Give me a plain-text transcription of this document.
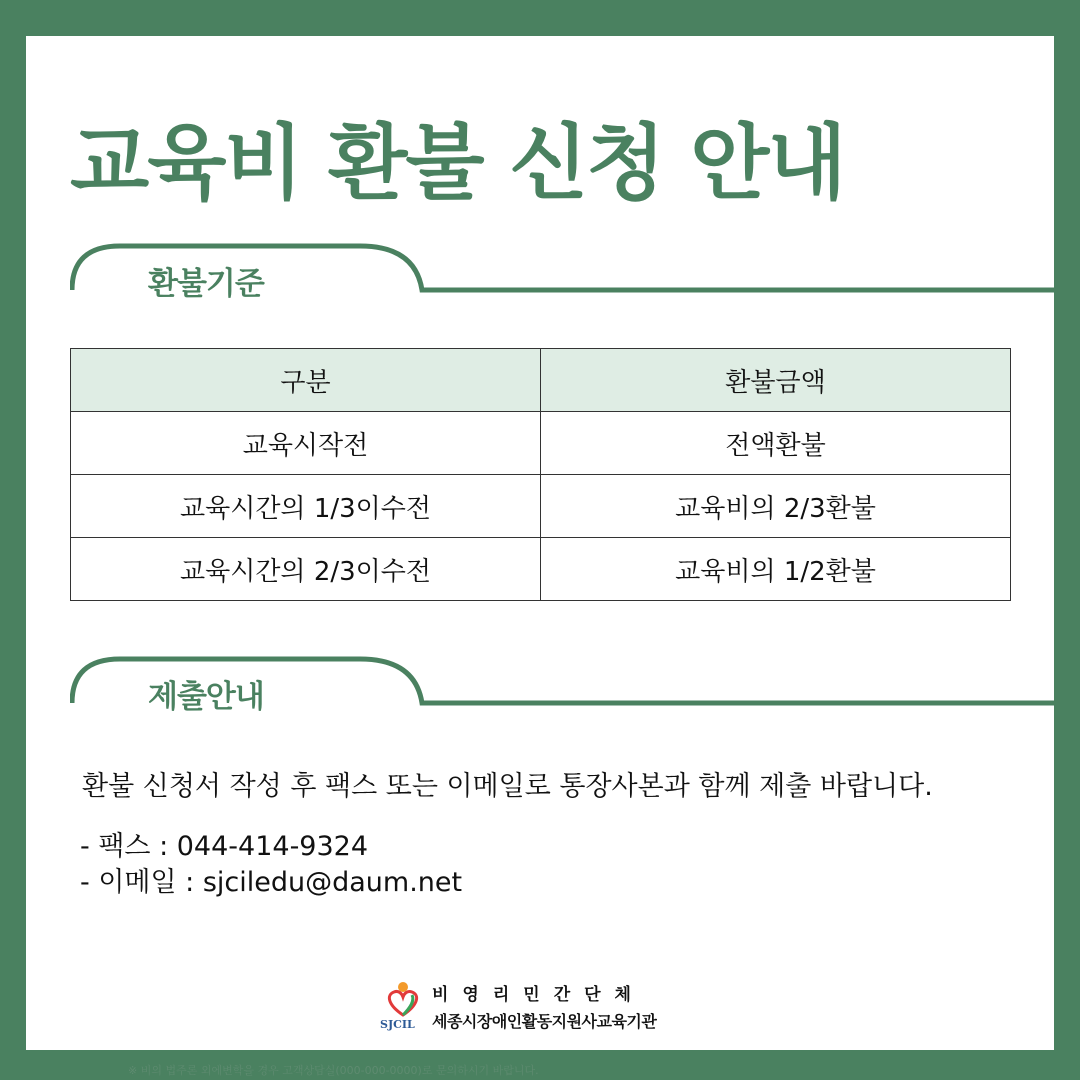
교육비 환불 신청 안내
환불기준
구분	환불금액
교육시작전	전액환불
교육시간의 1/3이수전	교육비의 2/3환불
교육시간의 2/3이수전	교육비의 1/2환불
제출안내

환불 신청서 작성 후 팩스 또는 이메일로 통장사본과 함께 제출 바랍니다.

- 팩스 : 044-414-9324

- 이메일 : sjciledu@daum.net

SJCIL
비영리민간단체
세종시장애인활동지원사교육기관

※ 비의 법주론 외에변학을 경우 고객상담실(000-000-0000)로 문의하시기 바랍니다.
